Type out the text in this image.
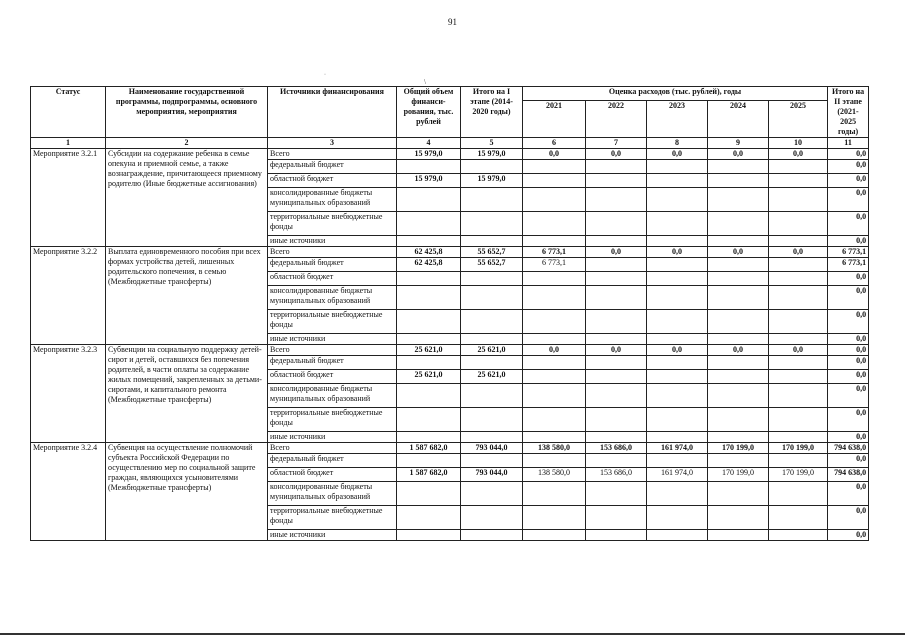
91
·
\
Статус	Наименование государственной программы, подпрограммы, основного мероприятия, мероприятия	Источники финансирования	Общий объем финанси-рования, тыс. рублей	Итого на I этапе (2014-2020 годы)	Оценка расходов (тыс. рублей), годы					Итого на II этапе (2021-2025 годы)
					2021	2022	2023	2024	2025	

1	2	3	4	5	6	7	8	9	10	11
Мероприятие 3.2.1	Субсидии на содержание ребенка в семье опекуна и приемной семье, а также вознаграждение, причитающееся приемному родителю (Иные бюджетные ассигнования)	Всего	15 979,0	15 979,0	0,0	0,0	0,0	0,0	0,0	0,0
		федеральный бюджет								0,0
		областной бюджет	15 979,0	15 979,0						0,0
		консолидированные бюджеты муниципальных образований								0,0
		территориальные внебюджетные фонды								0,0
		иные источники								0,0
Мероприятие 3.2.2	Выплата единовременного пособия при всех формах устройства детей, лишенных родительского попечения, в семью (Межбюджетные трансферты)	Всего	62 425,8	55 652,7	6 773,1	0,0	0,0	0,0	0,0	6 773,1
		федеральный бюджет	62 425,8	55 652,7	6 773,1					6 773,1
		областной бюджет								0,0
		консолидированные бюджеты муниципальных образований								0,0
		территориальные внебюджетные фонды								0,0
		иные источники								0,0
Мероприятие 3.2.3	Субвенции на социальную поддержку детей-сирот и детей, оставшихся без попечения родителей, в части оплаты за содержание жилых помещений, закрепленных за детьми-сиротами, и капитального ремонта (Межбюджетные трансферты)	Всего	25 621,0	25 621,0	0,0	0,0	0,0	0,0	0,0	0,0
		федеральный бюджет								0,0
		областной бюджет	25 621,0	25 621,0						0,0
		консолидированные бюджеты муниципальных образований								0,0
		территориальные внебюджетные фонды								0,0
		иные источники								0,0
Мероприятие 3.2.4	Субвенция на осуществление полномочий субъекта Российской Федерации по осуществлению мер по социальной защите граждан, являющихся усыновителями (Межбюджетные трансферты)	Всего	1 587 682,0	793 044,0	138 580,0	153 686,0	161 974,0	170 199,0	170 199,0	794 638,0
		федеральный бюджет								0,0
		областной бюджет	1 587 682,0	793 044,0	138 580,0	153 686,0	161 974,0	170 199,0	170 199,0	794 638,0
		консолидированные бюджеты муниципальных образований								0,0
		территориальные внебюджетные фонды								0,0
		иные источники								0,0
